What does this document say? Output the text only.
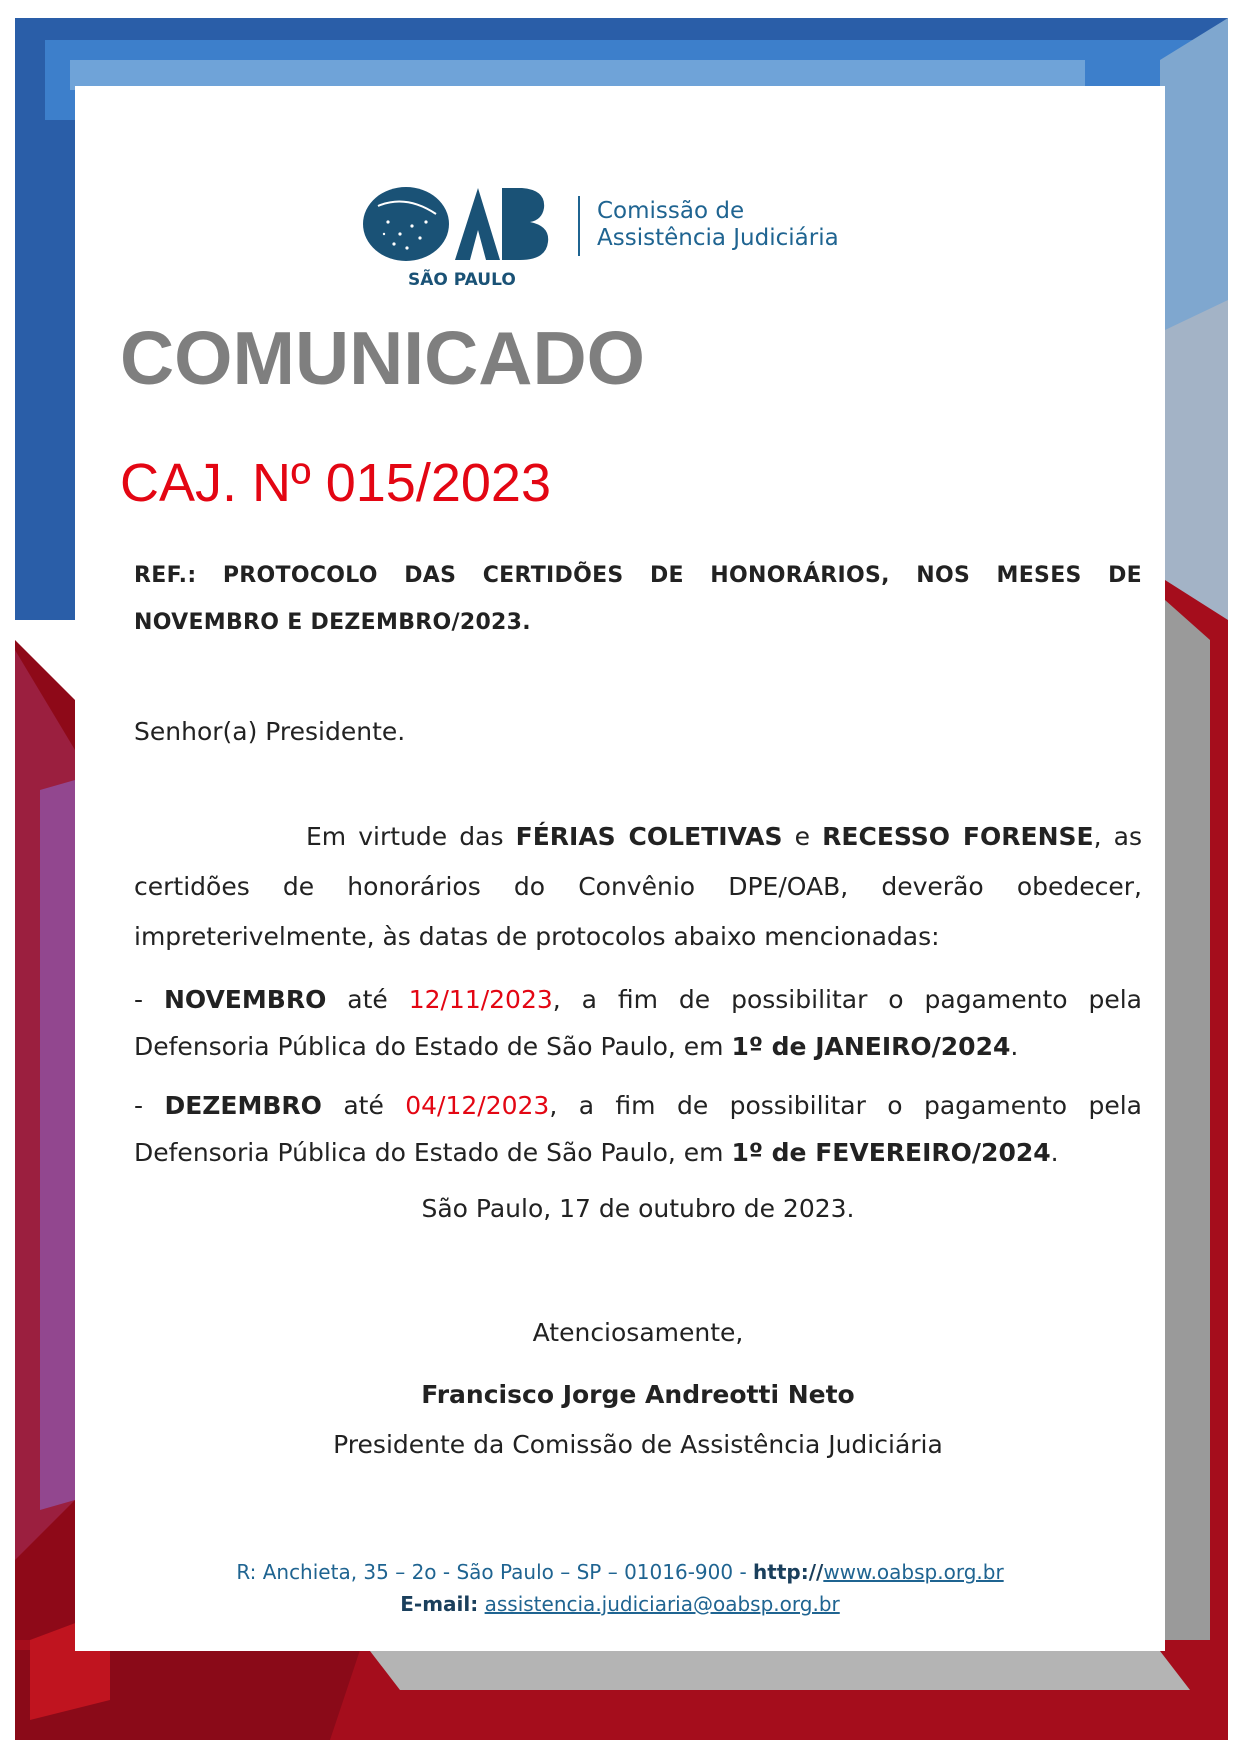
SÃO PAULO
Comissão de
Assistência Judiciária
COMUNICADO
CAJ. Nº 015/2023
REF.: PROTOCOLO DAS CERTIDÕES DE HONORÁRIOS, NOS MESES DE NOVEMBRO E DEZEMBRO/2023.
Senhor(a) Presidente.
Em virtude das FÉRIAS COLETIVAS e RECESSO FORENSE, as certidões de honorários do Convênio DPE/OAB, deverão obedecer, impreterivelmente, às datas de protocolos abaixo mencionadas:
- NOVEMBRO até 12/11/2023, a fim de possibilitar o pagamento pela Defensoria Pública do Estado de São Paulo, em 1º de JANEIRO/2024.
- DEZEMBRO até 04/12/2023, a fim de possibilitar o pagamento pela Defensoria Pública do Estado de São Paulo, em 1º de FEVEREIRO/2024.
São Paulo, 17 de outubro de 2023.
Atenciosamente,
Francisco Jorge Andreotti Neto
Presidente da Comissão de Assistência Judiciária
R: Anchieta, 35 – 2o - São Paulo – SP – 01016-900 - http://www.oabsp.org.br
E-mail: assistencia.judiciaria@oabsp.org.br
